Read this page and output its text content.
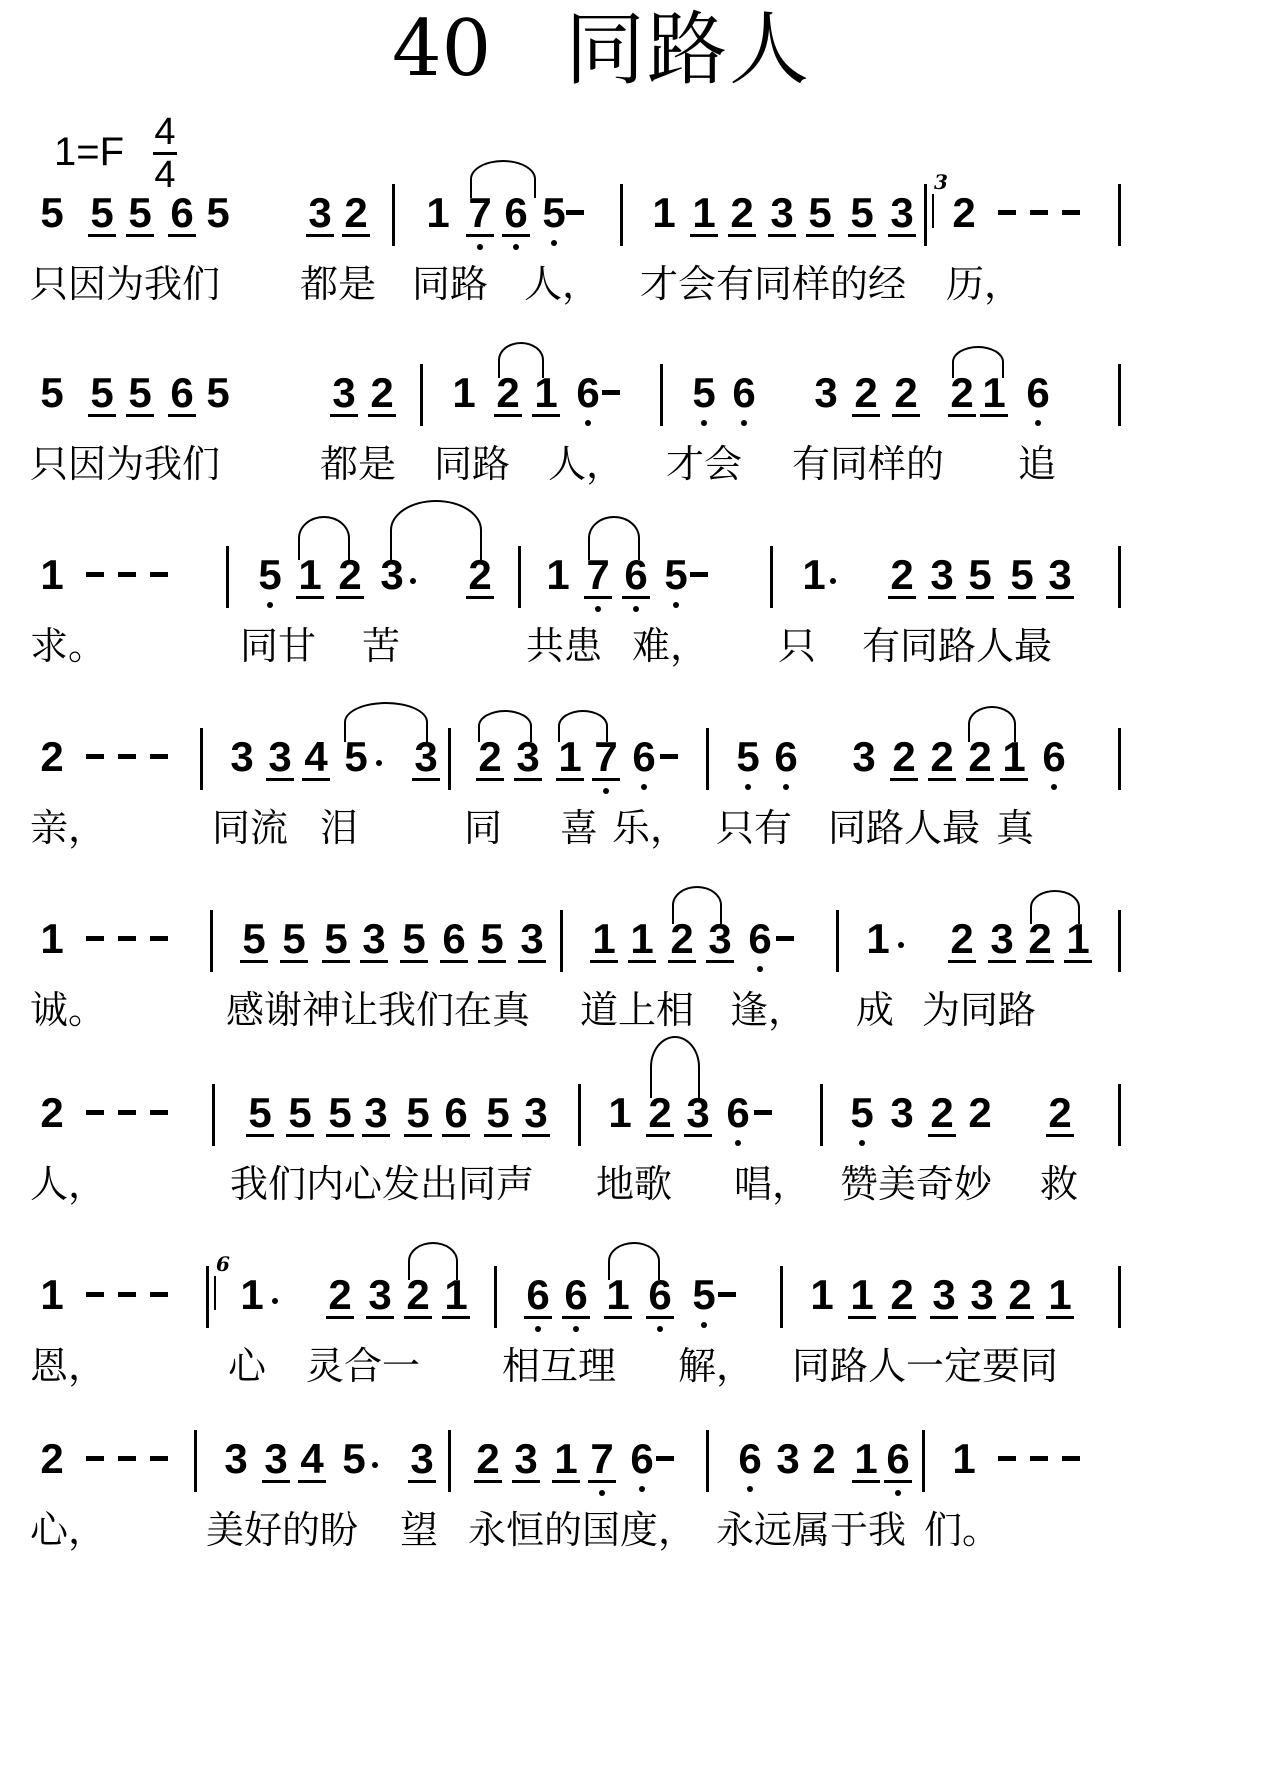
40 同路人
1=F 4
4
5 5 5 6 5 3 2 1 7 6 5 1 1 2 3 5 5 3 2
3
只因为我们 都是 同路 人， 才会有同样的经 历，
5 5 5 6 5 3 2 1 2 1 6 5 6 3 2 2 2 1 6
只因为我们	都是 同路 人， 才会 有同样的 追
1	5 1 2 3 2 1 7 6 5	1 2 3 5 5 3
求。	同甘 苦	共患 难， 只 有同路人最
2	3 3 4 5 3 2 3 1 7 6 5 6 3 2 2 2 1 6
亲，	同流 泪	同 喜 乐， 只有 同路人最 真
1	5 5 5 3 5 6 5 3 1 1 2 3 6 1 2 3 2 1
诚。	感谢神让我们在真 道上相 逢， 成 为同路
2	5 5 5 3 5 6 5 3 1 2 3 6 5 3 2 2 2
人，	我们内心发出同声 地歌 唱， 赞美奇妙 救
1	1 2 3 2 1 6 6 1 6 5 1 1 2 3 3 2 1
6
恩，	心 灵合一 相互理 解， 同路人一定要同
2	3 3 4 5 3 2 3 1 7 6 6 3 2 1 6 1
心，	美好的盼 望 永恒的国度， 永远属于我 们。
